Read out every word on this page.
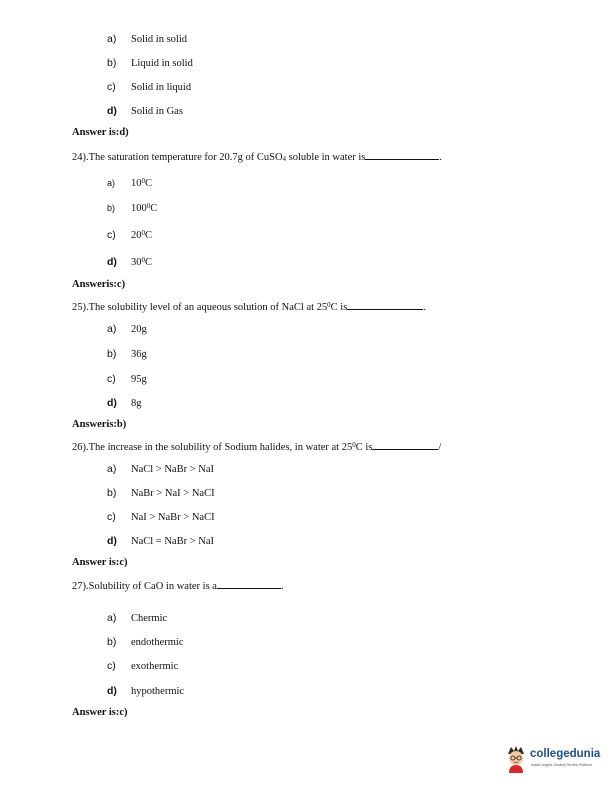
a) Solid in solid
b) Liquid in solid
c) Solid in liquid
d) Solid in Gas
Answer is:d)
24).The saturation temperature for 20.7g of CuSO$_4$ soluble in water is	.
a) $10^0C$
b) $100^0C$
c) $20^0C$
d) $30^0C$
Answeris:c)
25).The solubility level of an aqueous solution of NaCl at $25^0C$ is	.
a) 20g
b) 36g
c) 95g
d) 8g
Answeris:b)
26).The increase in the solubility of Sodium halides, in water at $25^0C$ is	/
a) NaCl > NaBr > NaI
b) NaBr > NaI > NaCI
c) NaI > NaBr > NaCI
d) NaCl = NaBr > NaI
Answer is:c)
27).Solubility of CaO in water is a	.
a) Chermic
b) endothermic
c) exothermic
d) hypothermic
Answer is:c)
collegedunia
India's largest Student Review Platform
